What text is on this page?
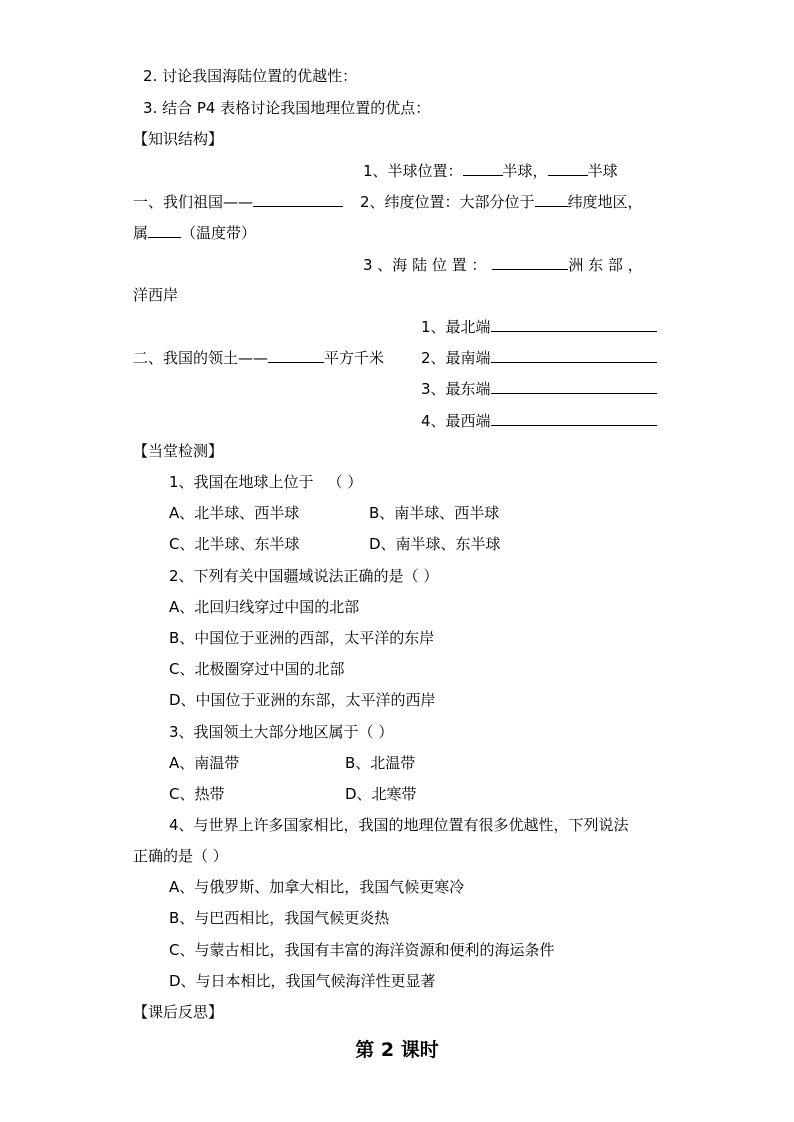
2. 讨论我国海陆位置的优越性：
3. 结合 P4 表格讨论我国地理位置的优点：
【知识结构】
1、半球位置：	半球，	半球
一、我们祖国——	2、纬度位置：大部分位于 纬度地区，
属 （温度带）
3 、海 陆 位 置 ：	洲 东 部 ，
洋西岸
二、我国的领土——	平方千米
1、最北端
2、最南端
3、最东端
4、最西端
【当堂检测】
1、我国在地球上位于 （ ）
A、北半球、西半球	B、南半球、西半球
C、北半球、东半球	D、南半球、东半球
2、下列有关中国疆域说法正确的是（ ）
A、北回归线穿过中国的北部
B、中国位于亚洲的西部，太平洋的东岸
C、北极圈穿过中国的北部
D、中国位于亚洲的东部，太平洋的西岸
3、我国领土大部分地区属于（ ）
A、南温带	B、北温带
C、热带	D、北寒带
4、与世界上许多国家相比，我国的地理位置有很多优越性，下列说法
正确的是（ ）
A、与俄罗斯、加拿大相比，我国气候更寒冷
B、与巴西相比，我国气候更炎热
C、与蒙古相比，我国有丰富的海洋资源和便利的海运条件
D、与日本相比，我国气候海洋性更显著
【课后反思】
第 2 课时
